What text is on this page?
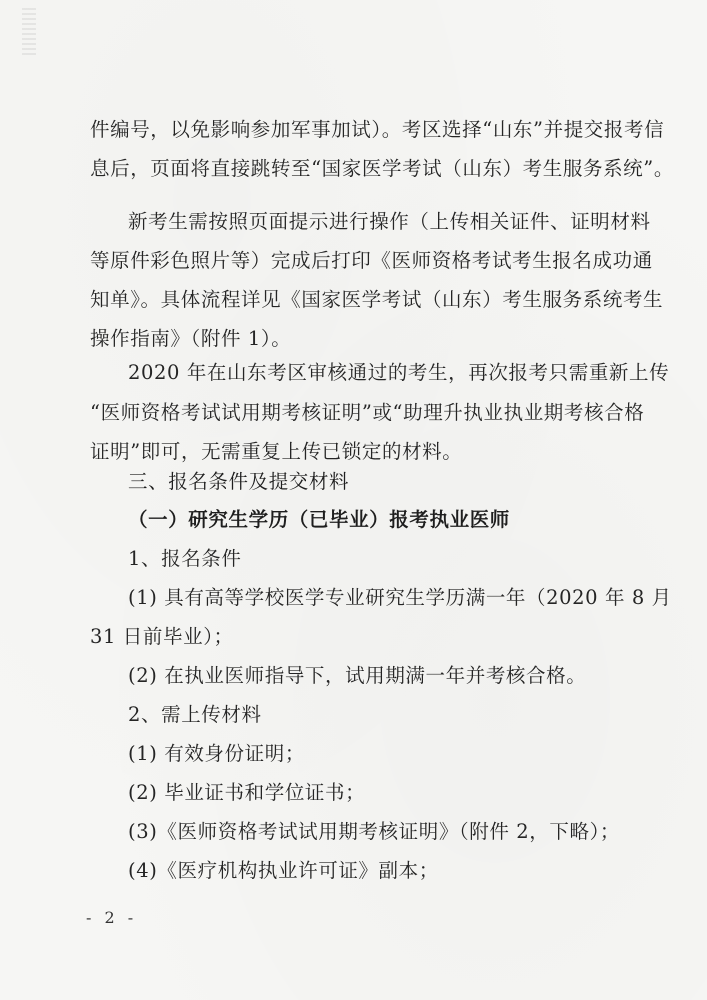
件编号，以免影响参加军事加试）。考区选择“山东”并提交报考信
息后，页面将直接跳转至“国家医学考试（山东）考生服务系统”。
新考生需按照页面提示进行操作（上传相关证件、证明材料
等原件彩色照片等）完成后打印《医师资格考试考生报名成功通
知单》。具体流程详见《国家医学考试（山东）考生服务系统考生
操作指南》（附件 1）。
2020 年在山东考区审核通过的考生，再次报考只需重新上传
“医师资格考试试用期考核证明”或“助理升执业执业期考核合格
证明”即可，无需重复上传已锁定的材料。
三、报名条件及提交材料
（一）研究生学历（已毕业）报考执业医师
1、报名条件
(1) 具有高等学校医学专业研究生学历满一年（2020 年 8 月
31 日前毕业）；
(2) 在执业医师指导下，试用期满一年并考核合格。
2、需上传材料
(1) 有效身份证明；
(2) 毕业证书和学位证书；
(3)《医师资格考试试用期考核证明》（附件 2，下略）；
(4)《医疗机构执业许可证》副本；
- 2 -
